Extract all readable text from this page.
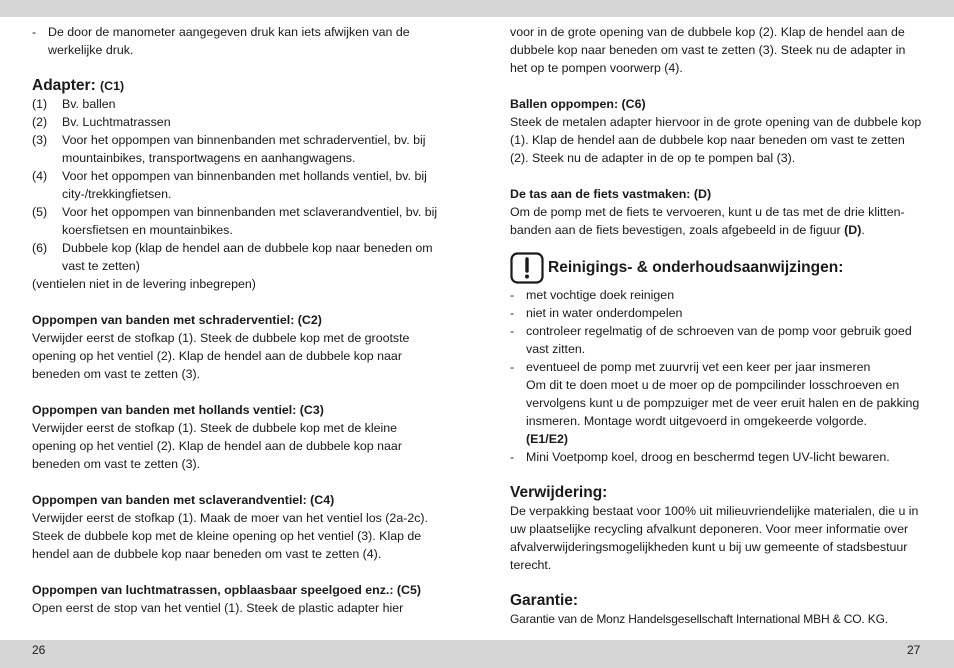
- De door de manometer aangegeven druk kan iets afwijken van de werkelijke druk.

Adapter: (C1)

(1)	Bv. ballen
(2)	Bv. Luchtmatrassen
(3)	Voor het oppompen van binnenbanden met schraderventiel, bv. bij mountainbikes, transportwagens en aanhangwagens.
(4)	Voor het oppompen van binnenbanden met hollands ventiel, bv. bij city-/trekkingfietsen.
(5)	Voor het oppompen van binnenbanden met sclaverandventiel, bv. bij koersfietsen en mountainbikes.
(6)	Dubbele kop (klap de hendel aan de dubbele kop naar beneden om vast te zetten)

(ventielen niet in de levering inbegrepen)

Oppompen van banden met schraderventiel: (C2)

Verwijder eerst de stofkap (1). Steek de dubbele kop met de grootste opening op het ventiel (2). Klap de hendel aan de dubbele kop naar beneden om vast te zetten (3).

Oppompen van banden met hollands ventiel: (C3)

Verwijder eerst de stofkap (1). Steek de dubbele kop met de kleine opening op het ventiel (2). Klap de hendel aan de dubbele kop naar beneden om vast te zetten (3).

Oppompen van banden met sclaverandventiel: (C4)

Verwijder eerst de stofkap (1). Maak de moer van het ventiel los (2a-2c). Steek de dubbele kop met de kleine opening op het ventiel (3). Klap de hendel aan de dubbele kop naar beneden om vast te zetten (4).

Oppompen van luchtmatrassen, opblaasbaar speelgoed enz.: (C5)

Open eerst de stop van het ventiel (1). Steek de plastic adapter hier

voor in de grote opening van de dubbele kop (2). Klap de hendel aan de dubbele kop naar beneden om vast te zetten (3). Steek nu de adapter in het op te pompen voorwerp (4).

Ballen oppompen: (C6)

Steek de metalen adapter hiervoor in de grote opening van de dubbele kop (1). Klap de hendel aan de dubbele kop naar beneden om vast te zetten (2). Steek nu de adapter in de op te pompen bal (3).

De tas aan de fiets vastmaken: (D)

Om de pomp met de fiets te vervoeren, kunt u de tas met de drie klittenbanden aan de fiets bevestigen, zoals afgebeeld in de figuur (D).

Reinigings- & onderhoudsaanwijzingen:
- met vochtige doek reinigen
- niet in water onderdompelen
- controleer regelmatig of de schroeven van de pomp voor gebruik goed vast zitten.
- eventueel de pomp met zuurvrij vet een keer per jaar insmeren

Om dit te doen moet u de moer op de pompcilinder losschroeven en vervolgens kunt u de pompzuiger met de veer eruit halen en de pakking insmeren. Montage wordt uitgevoerd in omgekeerde volgorde.

(E1/E2)

- Mini Voetpomp koel, droog en beschermd tegen UV-licht bewaren.

Verwijdering:

De verpakking bestaat voor 100% uit milieuvriendelijke materialen, die u in uw plaatselijke recycling afvalkunt deponeren. Voor meer informatie over afvalverwijderingsmogelijkheden kunt u bij uw gemeente of stadsbestuur terecht.

Garantie:

Garantie van de Monz Handelsgesellschaft International MBH & CO. KG.

26	27
